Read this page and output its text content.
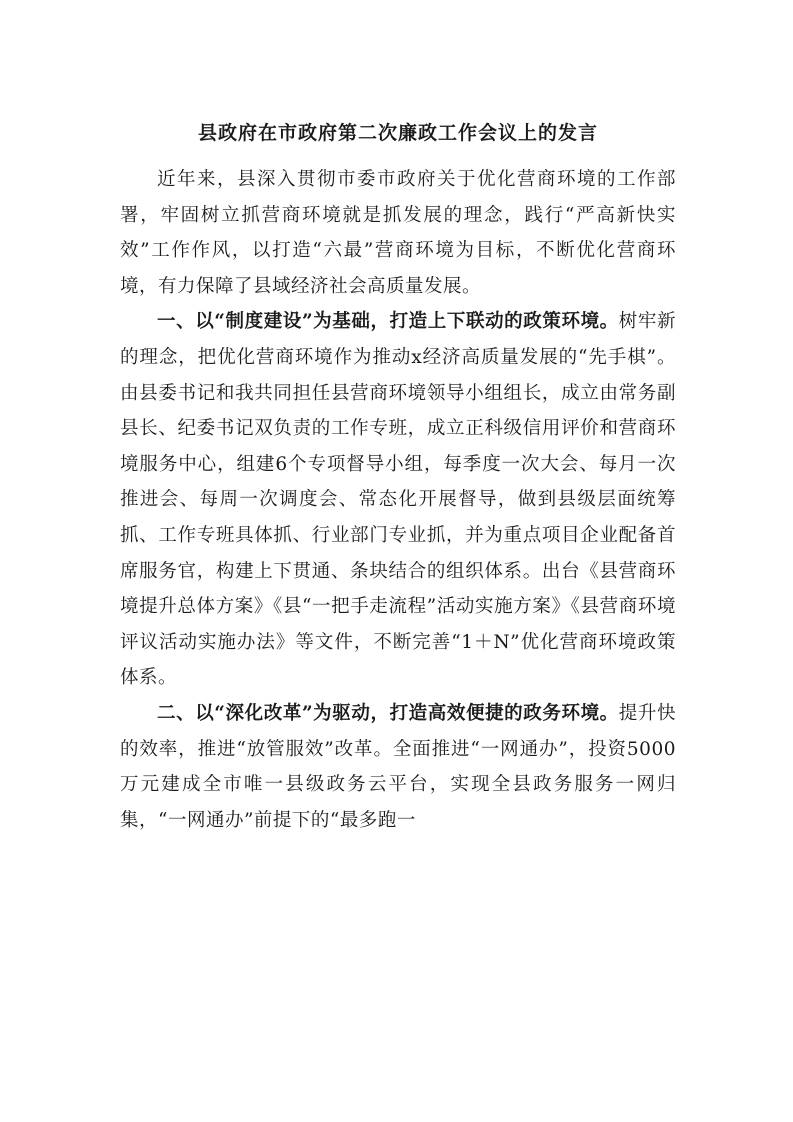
县政府在市政府第二次廉政工作会议上的发言

近年来，县深入贯彻市委市政府关于优化营商环境的工作部署，牢固树立抓营商环境就是抓发展的理念，践行“严高新快实效”工作作风，以打造“六最”营商环境为目标，不断优化营商环境，有力保障了县域经济社会高质量发展。

一、以“制度建设”为基础，打造上下联动的政策环境。树牢新的理念，把优化营商环境作为推动x经济高质量发展的“先手棋”。由县委书记和我共同担任县营商环境领导小组组长，成立由常务副县长、纪委书记双负责的工作专班，成立正科级信用评价和营商环境服务中心，组建6个专项督导小组，每季度一次大会、每月一次推进会、每周一次调度会、常态化开展督导，做到县级层面统筹抓、工作专班具体抓、行业部门专业抓，并为重点项目企业配备首席服务官，构建上下贯通、条块结合的组织体系。出台《县营商环境提升总体方案》《县“一把手走流程”活动实施方案》《县营商环境评议活动实施办法》等文件，不断完善“1＋N”优化营商环境政策体系。

二、以“深化改革”为驱动，打造高效便捷的政务环境。提升快的效率，推进“放管服效”改革。全面推进“一网通办”，投资5000万元建成全市唯一县级政务云平台，实现全县政务服务一网归集，“一网通办”前提下的“最多跑一
